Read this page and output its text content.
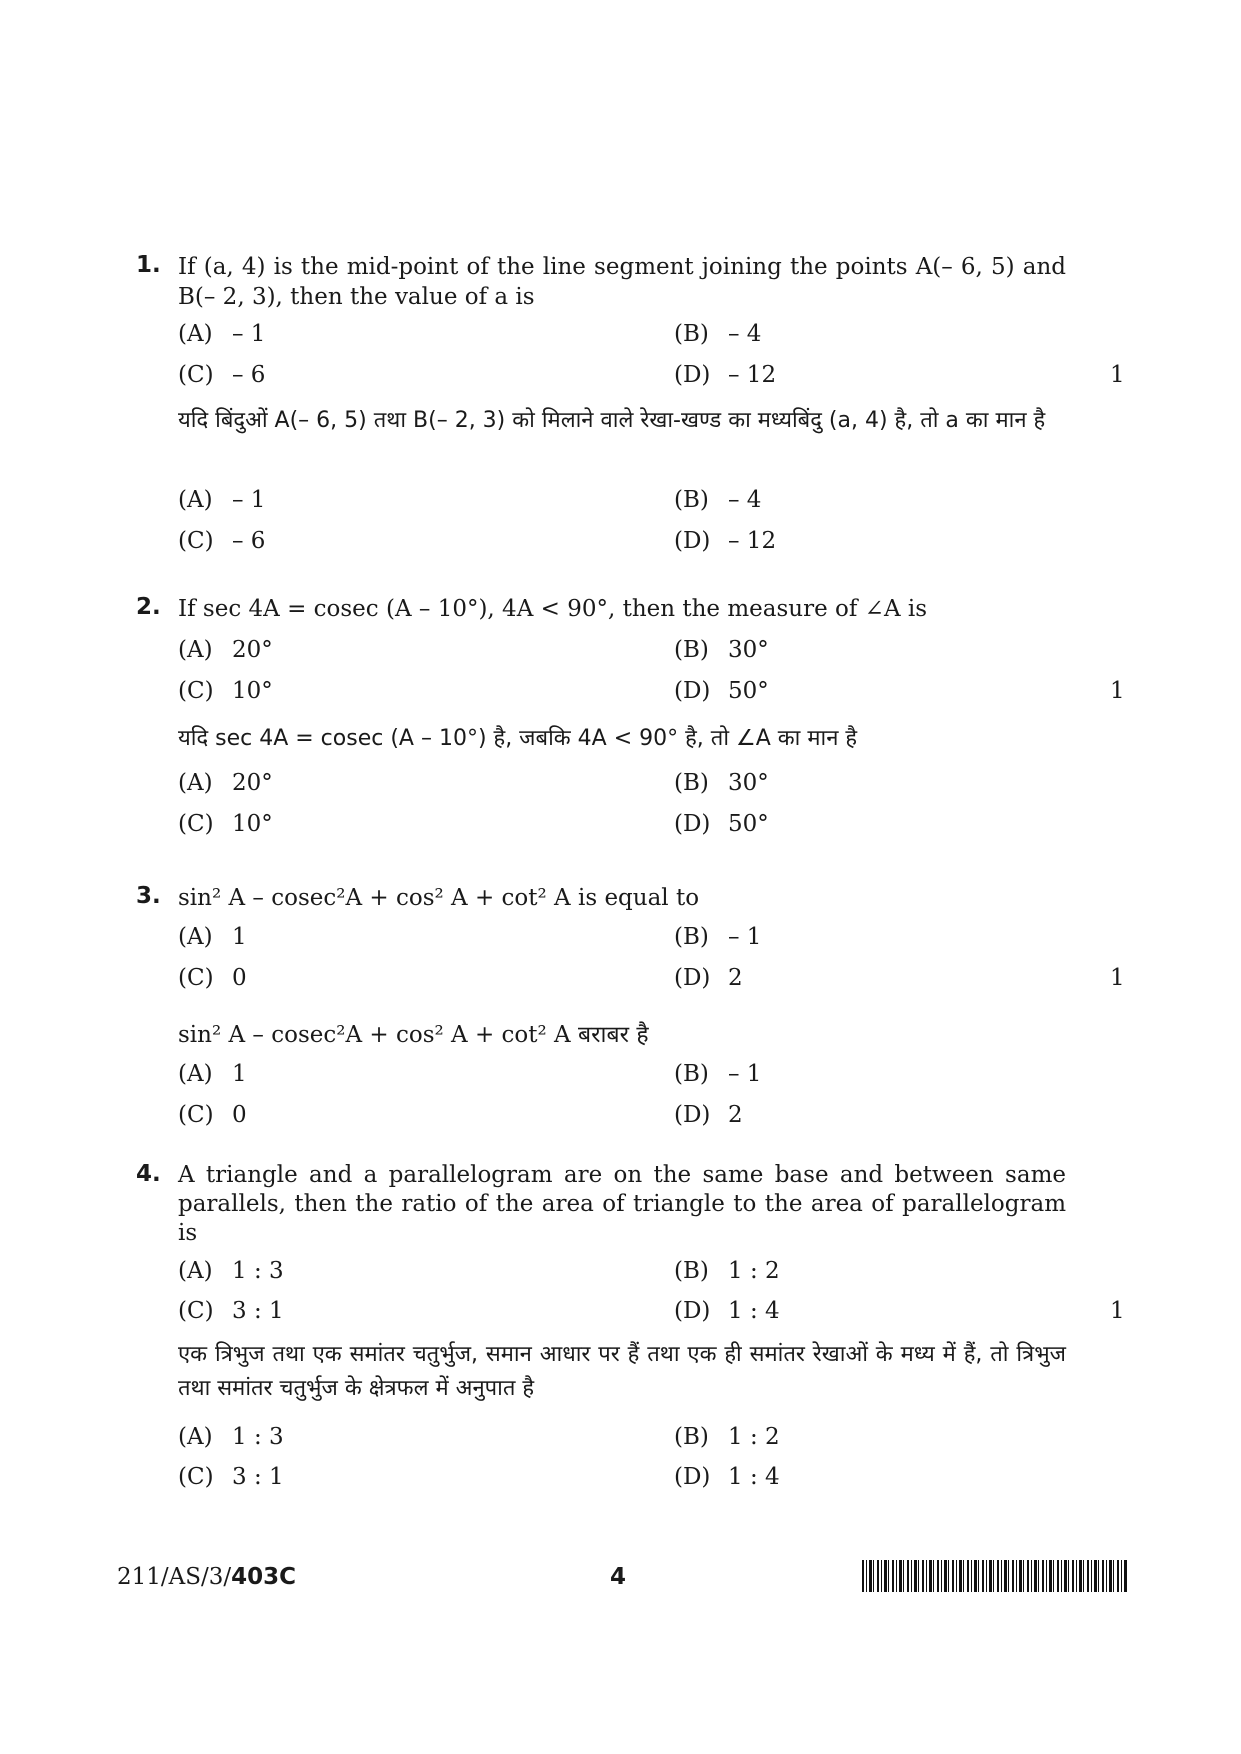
1. If (a, 4) is the mid-point of the line segment joining the points A(– 6, 5) and B(– 2, 3), then the value of a is
(A) – 1	(B) – 4
(C) – 6	(D) – 12	1
यदि बिंदुओं A(– 6, 5) तथा B(– 2, 3) को मिलाने वाले रेखा-खण्ड का मध्यबिंदु (a, 4) है, तो a का मान है
(A) – 1	(B) – 4
(C) – 6	(D) – 12
2. If sec 4A = cosec (A – 10°), 4A < 90°, then the measure of ∠A is
(A) 20°	(B) 30°
(C) 10°	(D) 50°	1
यदि sec 4A = cosec (A – 10°) है, जबकि 4A < 90° है, तो ∠A का मान है
(A) 20°	(B) 30°
(C) 10°	(D) 50°
3. sin² A – cosec²A + cos² A + cot² A is equal to
(A) 1	(B) – 1
(C) 0	(D) 2	1
sin² A – cosec²A + cos² A + cot² A बराबर है
(A) 1	(B) – 1
(C) 0	(D) 2
4. A triangle and a parallelogram are on the same base and between same parallels, then the ratio of the area of triangle to the area of parallelogram is
(A) 1 : 3	(B) 1 : 2
(C) 3 : 1	(D) 1 : 4	1
एक त्रिभुज तथा एक समांतर चतुर्भुज, समान आधार पर हैं तथा एक ही समांतर रेखाओं के मध्य में हैं, तो त्रिभुज तथा समांतर चतुर्भुज के क्षेत्रफल में अनुपात है
(A) 1 : 3	(B) 1 : 2
(C) 3 : 1	(D) 1 : 4
211/AS/3/403C	4
